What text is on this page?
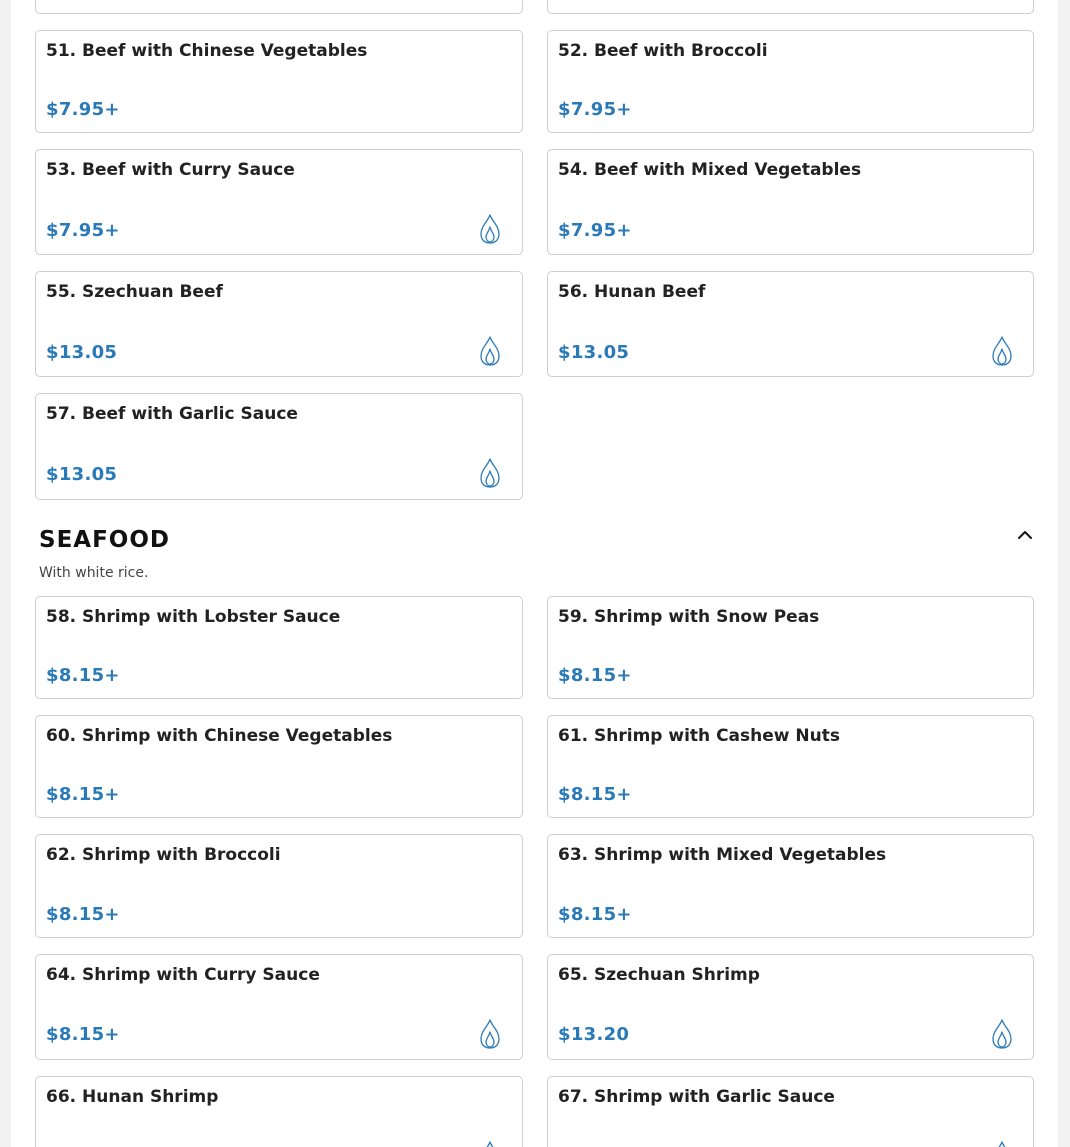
51. Beef with Chinese Vegetables
$7.95+
52. Beef with Broccoli
$7.95+
53. Beef with Curry Sauce
$7.95+
54. Beef with Mixed Vegetables
$7.95+
55. Szechuan Beef
$13.05
56. Hunan Beef
$13.05
57. Beef with Garlic Sauce
$13.05
SEAFOOD
With white rice.
58. Shrimp with Lobster Sauce
$8.15+
59. Shrimp with Snow Peas
$8.15+
60. Shrimp with Chinese Vegetables
$8.15+
61. Shrimp with Cashew Nuts
$8.15+
62. Shrimp with Broccoli
$8.15+
63. Shrimp with Mixed Vegetables
$8.15+
64. Shrimp with Curry Sauce
$8.15+
65. Szechuan Shrimp
$13.20
66. Hunan Shrimp	67. Shrimp with Garlic Sauce
